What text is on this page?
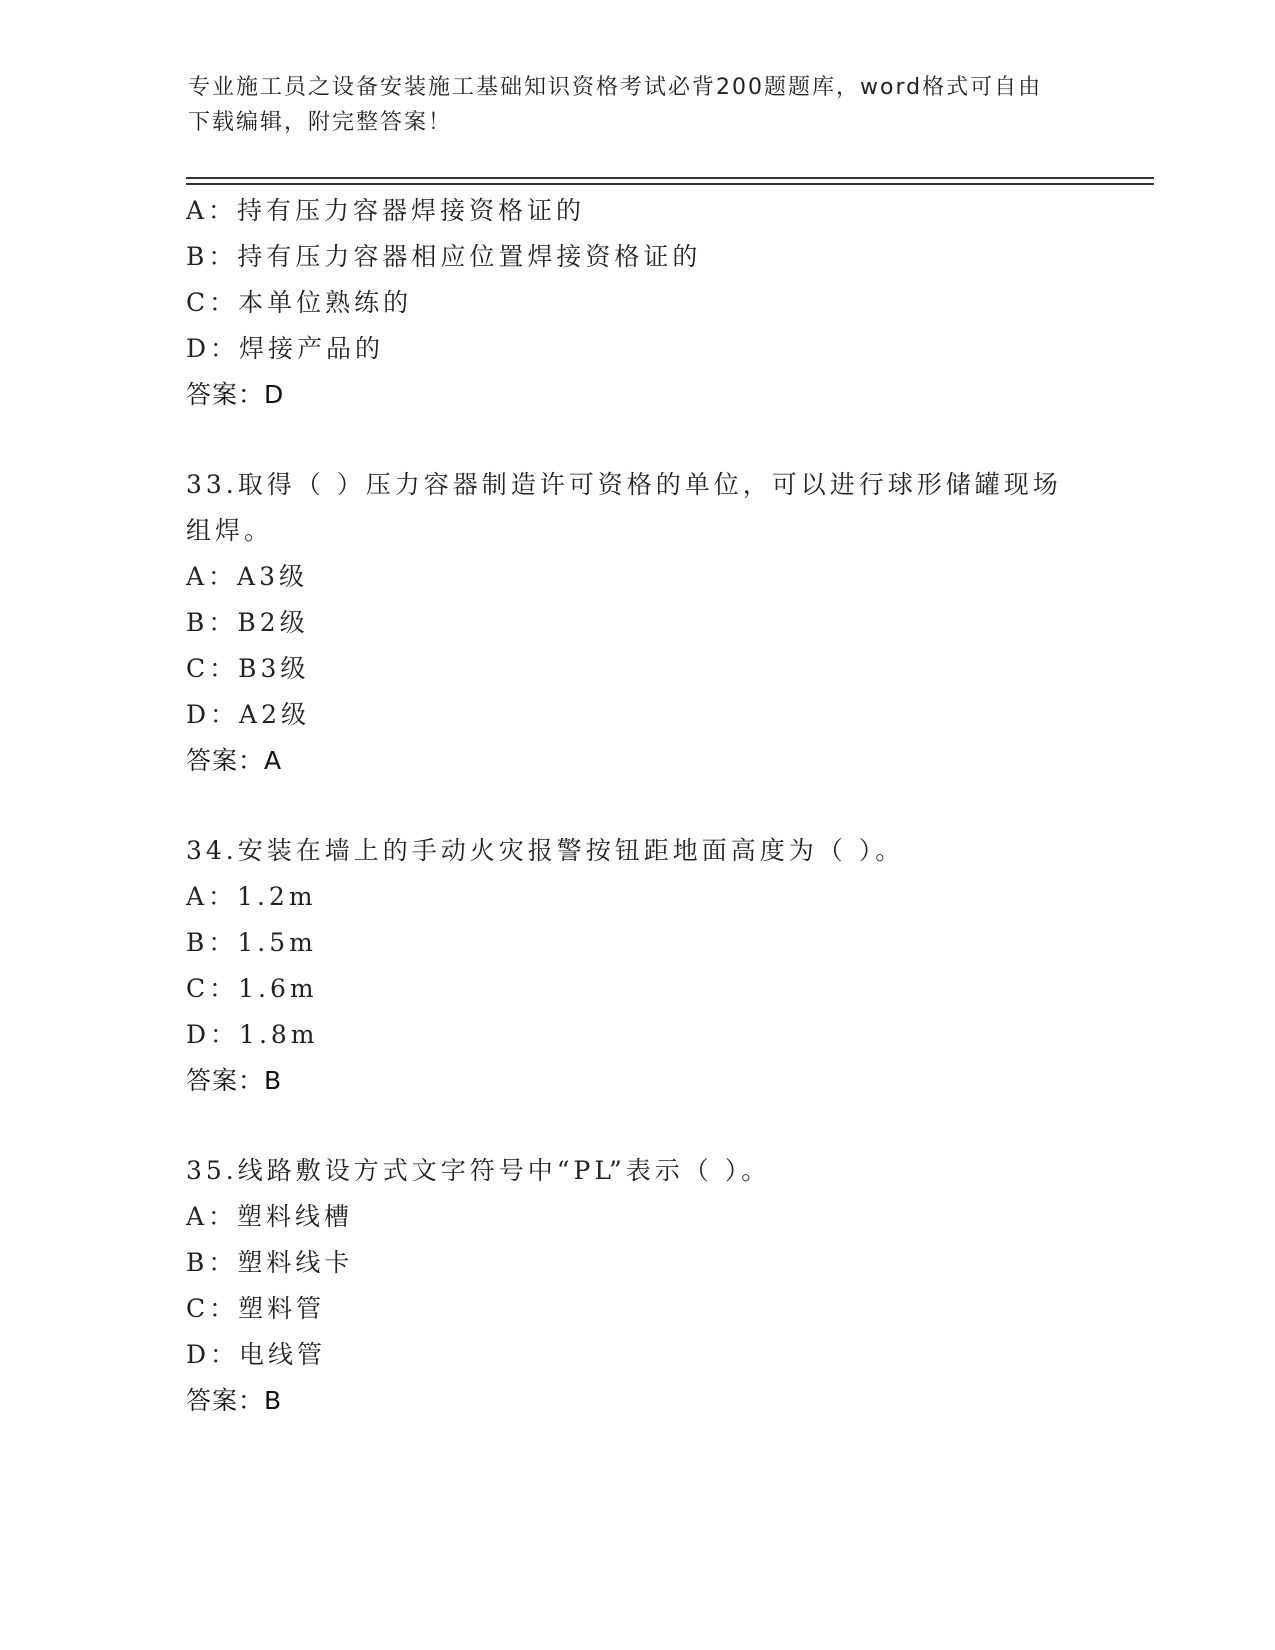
专业施工员之设备安装施工基础知识资格考试必背200题题库，word格式可自由
下载编辑，附完整答案！
A：持有压力容器焊接资格证的
B：持有压力容器相应位置焊接资格证的
C：本单位熟练的
D：焊接产品的
答案：D
33.取得（ ）压力容器制造许可资格的单位，可以进行球形储罐现场
组焊。
A：A3级
B：B2级
C：B3级
D：A2级
答案：A
34.安装在墙上的手动火灾报警按钮距地面高度为（ ）。
A：1.2m
B：1.5m
C：1.6m
D：1.8m
答案：B
35.线路敷设方式文字符号中“PL”表示（ ）。
A：塑料线槽
B：塑料线卡
C：塑料管
D：电线管
答案：B
